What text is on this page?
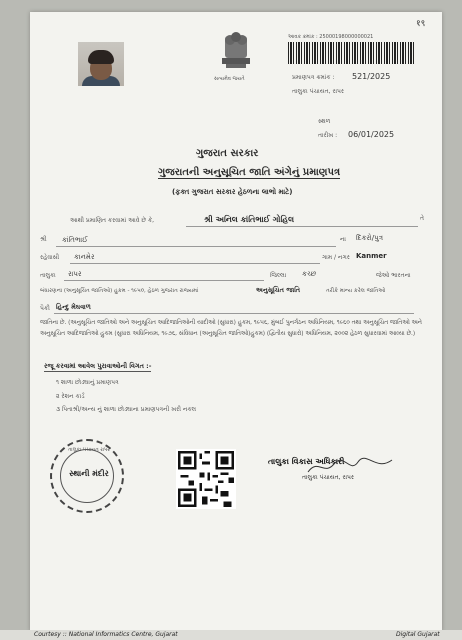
१९
સત્યમેવ જયતે
આવક ક્રમાંક : 25000198000000021
પ્રમાણપત્ર ક્રમાંક : 521/2025
તાલુકા પંચાયત, રાપર
સ્થળ
તારીખ : 06/01/2025
ગુજરાત સરકાર
ગુજરાતની અનુસૂચિત જાતિ અંગેનું પ્રમાણપત્ર
(ફક્ત ગુજરાત સરકાર હેઠળના લાભો માટે)
આથી પ્રમાણિત કરવામાં આવે છે કે,	શ્રી અનિલ કાંતિભાઈ ગોહિલ	તે
શ્રી કાંતિભાઈ	ના દિકરો/પુત્ર
રહેવાસી કાનમેર	ગામ / નગર Kanmer
તાલુકા રાપર	જિલ્લા કચ્છ	જેઓ ભારતના
બંધારણના (અનુસૂચિત જાતિઓ) હુકમ - ૧૯૫૦, હેઠળ ગુજરાત રાજ્યમાં	અનુસૂચિત જાતિ	તરીકે માન્ય કરેલ જાતિઓ
પૈકી હિન્દુ મેઘવાળ
જાતિના છે. (અનુસૂચિત જાતિઓ અને અનુસૂચિત આદિજાતિઓની યાદીઓ (સુધારા) હુકમ, ૧૯૫૬, મુંબઈ પુનર્ગઠન અધિનિયમ, ૧૯૬૦ તથા અનુસૂચિત જાતિઓ અને અનુસૂચિત આદિજાતિઓ હુકમ (સુધારા અધિનિયમ, ૧૯૭૬, સંવિધાન (અનુસૂચિત જાતિઓ)હુકમ) (દ્વિતીય સુધારો) અધિનિયમ, ૨૦૦૨ હેઠળ સુધારવામાં આવ્યા છે.)
રજૂ કરવામાં આવેલ પુરાવાઓની વિગત :-
૧ શાળા છોડ્યાનું પ્રમાણપત્ર
૨ રેશન કાર્ડ
૩ પિતાશ્રી/અન્ય નું શાળા છોડ્યાના પ્રમાણપત્રની ખરી નકલ
તાલુકા પંચાયત રાપર
સ્થાની મંદીર
તાલુકા વિકાસ અધિકારી
તાલુકા પંચાયત, રાપર
Courtesy :: National Informatics Centre, Gujarat	Digital Gujarat
